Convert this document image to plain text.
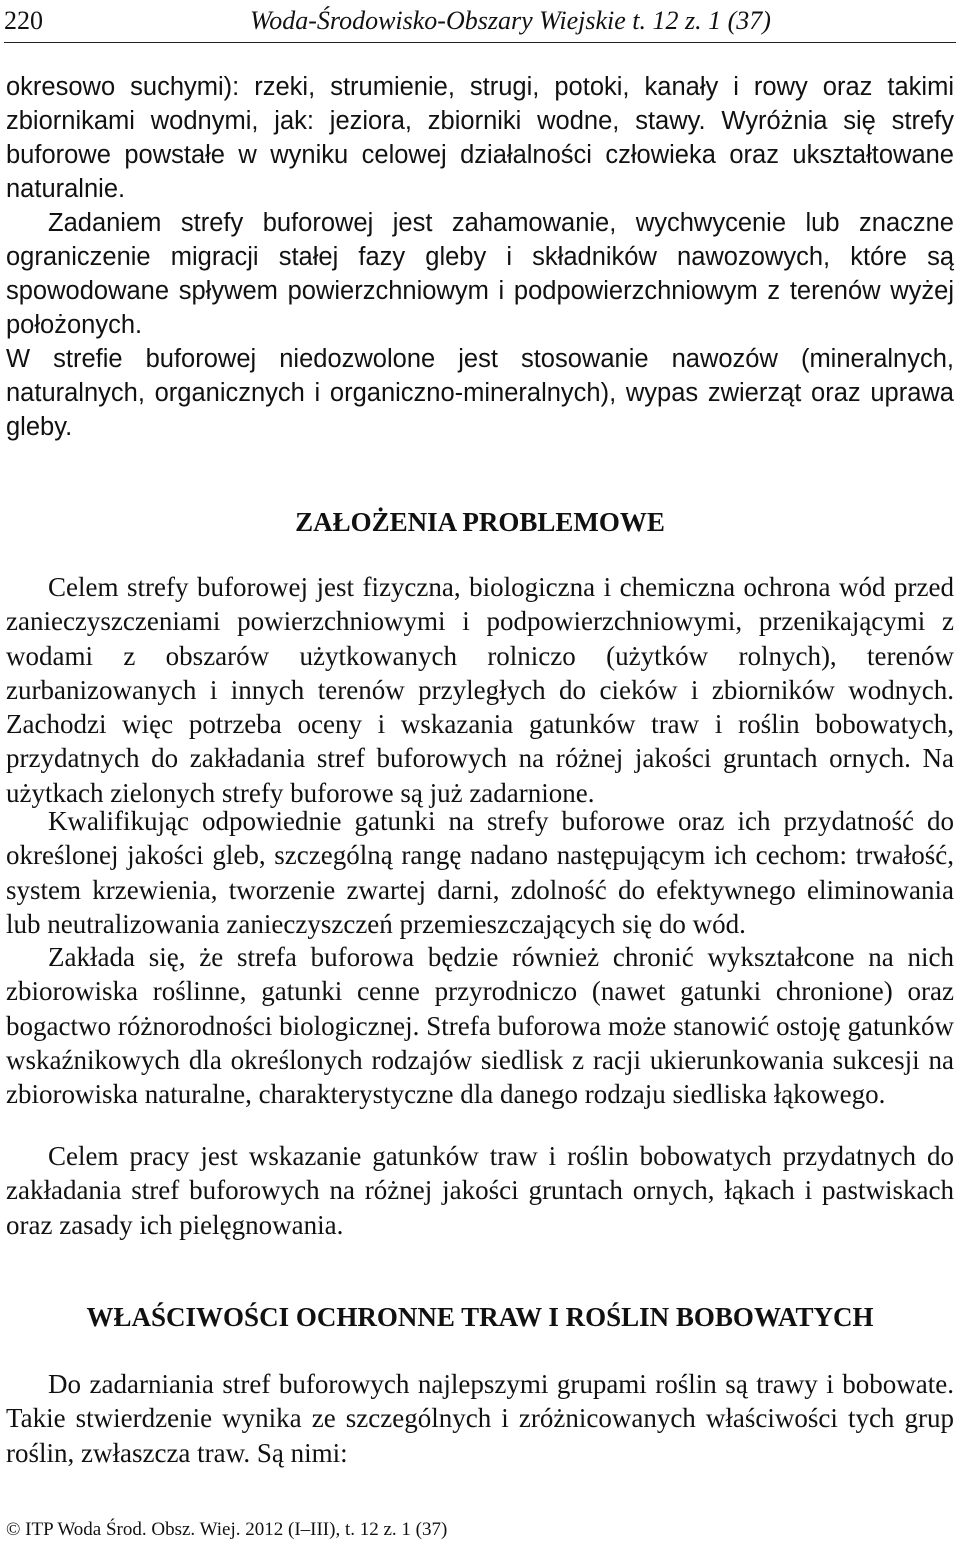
220	Woda-Środowisko-Obszary Wiejskie t. 12 z. 1 (37)

okresowo suchymi): rzeki, strumienie, strugi, potoki, kanały i rowy oraz takimi zbiornikami wodnymi, jak: jeziora, zbiorniki wodne, stawy. Wyróżnia się strefy buforowe powstałe w wyniku celowej działalności człowieka oraz ukształtowane naturalnie.

Zadaniem strefy buforowej jest zahamowanie, wychwycenie lub znaczne ograniczenie migracji stałej fazy gleby i składników nawozowych, które są spowodowane spływem powierzchniowym i podpowierzchniowym z terenów wyżej położonych.

W strefie buforowej niedozwolone jest stosowanie nawozów (mineralnych, naturalnych, organicznych i organiczno-mineralnych), wypas zwierząt oraz uprawa gleby.

ZAŁOŻENIA PROBLEMOWE

Celem strefy buforowej jest fizyczna, biologiczna i chemiczna ochrona wód przed zanieczyszczeniami powierzchniowymi i podpowierzchniowymi, przenikającymi z wodami z obszarów użytkowanych rolniczo (użytków rolnych), terenów zurbanizowanych i innych terenów przyległych do cieków i zbiorników wodnych. Zachodzi więc potrzeba oceny i wskazania gatunków traw i roślin bobowatych, przydatnych do zakładania stref buforowych na różnej jakości gruntach ornych. Na użytkach zielonych strefy buforowe są już zadarnione.

Kwalifikując odpowiednie gatunki na strefy buforowe oraz ich przydatność do określonej jakości gleb, szczególną rangę nadano następującym ich cechom: trwałość, system krzewienia, tworzenie zwartej darni, zdolność do efektywnego eliminowania lub neutralizowania zanieczyszczeń przemieszczających się do wód.

Zakłada się, że strefa buforowa będzie również chronić wykształcone na nich zbiorowiska roślinne, gatunki cenne przyrodniczo (nawet gatunki chronione) oraz bogactwo różnorodności biologicznej. Strefa buforowa może stanowić ostoję gatunków wskaźnikowych dla określonych rodzajów siedlisk z racji ukierunkowania sukcesji na zbiorowiska naturalne, charakterystyczne dla danego rodzaju siedliska łąkowego.

Celem pracy jest wskazanie gatunków traw i roślin bobowatych przydatnych do zakładania stref buforowych na różnej jakości gruntach ornych, łąkach i pastwiskach oraz zasady ich pielęgnowania.

WŁAŚCIWOŚCI OCHRONNE TRAW I ROŚLIN BOBOWATYCH

Do zadarniania stref buforowych najlepszymi grupami roślin są trawy i bobowate. Takie stwierdzenie wynika ze szczególnych i zróżnicowanych właściwości tych grup roślin, zwłaszcza traw. Są nimi:

© ITP Woda Środ. Obsz. Wiej. 2012 (I–III), t. 12 z. 1 (37)
